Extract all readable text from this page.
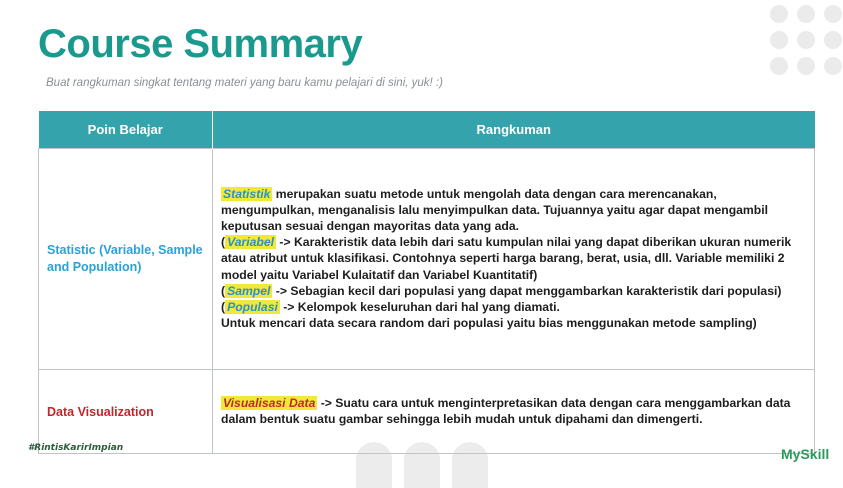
Course Summary
Buat rangkuman singkat tentang materi yang baru kamu pelajari di sini, yuk! :)
Poin Belajar	Rangkuman
Statistic (Variable, Sample and Population)	Statistik merupakan suatu metode untuk mengolah data dengan cara merencanakan, mengumpulkan, menganalisis lalu menyimpulkan data. Tujuannya yaitu agar dapat mengambil keputusan sesuai dengan mayoritas data yang ada.
( Variabel -> Karakteristik data lebih dari satu kumpulan nilai yang dapat diberikan ukuran numerik atau atribut untuk klasifikasi. Contohnya seperti harga barang, berat, usia, dll. Variable memiliki 2 model yaitu Variabel Kulaitatif dan Variabel Kuantitatif)
( Sampel -> Sebagian kecil dari populasi yang dapat menggambarkan karakteristik dari populasi)
( Populasi -> Kelompok keseluruhan dari hal yang diamati.
Untuk mencari data secara random dari populasi yaitu bias menggunakan metode sampling)

Data Visualization	Visualisasi Data -> Suatu cara untuk menginterpretasikan data dengan cara menggambarkan data dalam bentuk suatu gambar sehingga lebih mudah untuk dipahami dan dimengerti.
#RintisKarirImpian	MySkill
